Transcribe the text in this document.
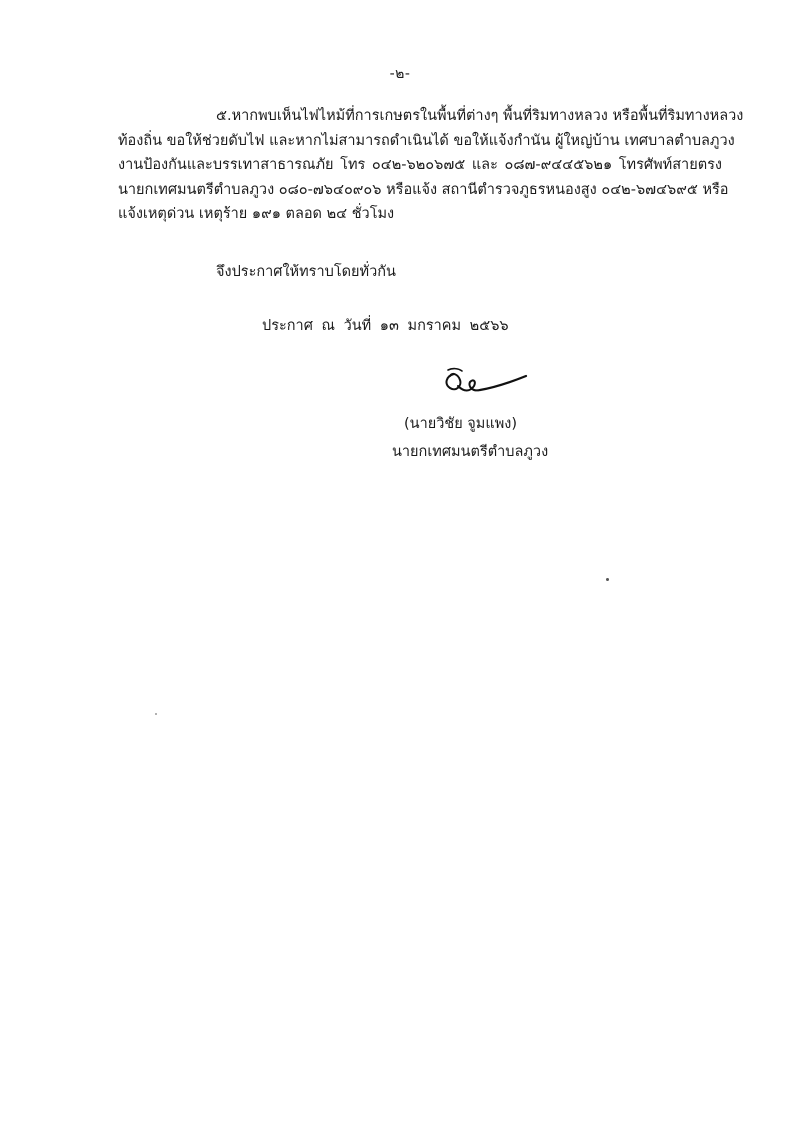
-๒-
๕.หากพบเห็นไฟไหม้ที่การเกษตรในพื้นที่ต่างๆ พื้นที่ริมทางหลวง หรือพื้นที่ริมทางหลวง
ท้องถิ่น ขอให้ช่วยดับไฟ และหากไม่สามารถดำเนินได้ ขอให้แจ้งกำนัน ผู้ใหญ่บ้าน เทศบาลตำบลภูวง
งานป้องกันและบรรเทาสาธารณภัย โทร ๐๔๒-๖๒๐๖๗๕ และ ๐๘๗-๙๔๔๕๖๒๑ โทรศัพท์สายตรง
นายกเทศมนตรีตำบลภูวง ๐๘๐-๗๖๔๐๙๐๖ หรือแจ้ง สถานีตำรวจภูธรหนองสูง ๐๔๒-๖๗๔๖๙๕ หรือ
แจ้งเหตุด่วน เหตุร้าย ๑๙๑ ตลอด ๒๔ ชั่วโมง
จึงประกาศให้ทราบโดยทั่วกัน
ประกาศ ณ วันที่ ๑๓ มกราคม ๒๕๖๖
(นายวิชัย จูมแพง)
นายกเทศมนตรีตำบลภูวง
